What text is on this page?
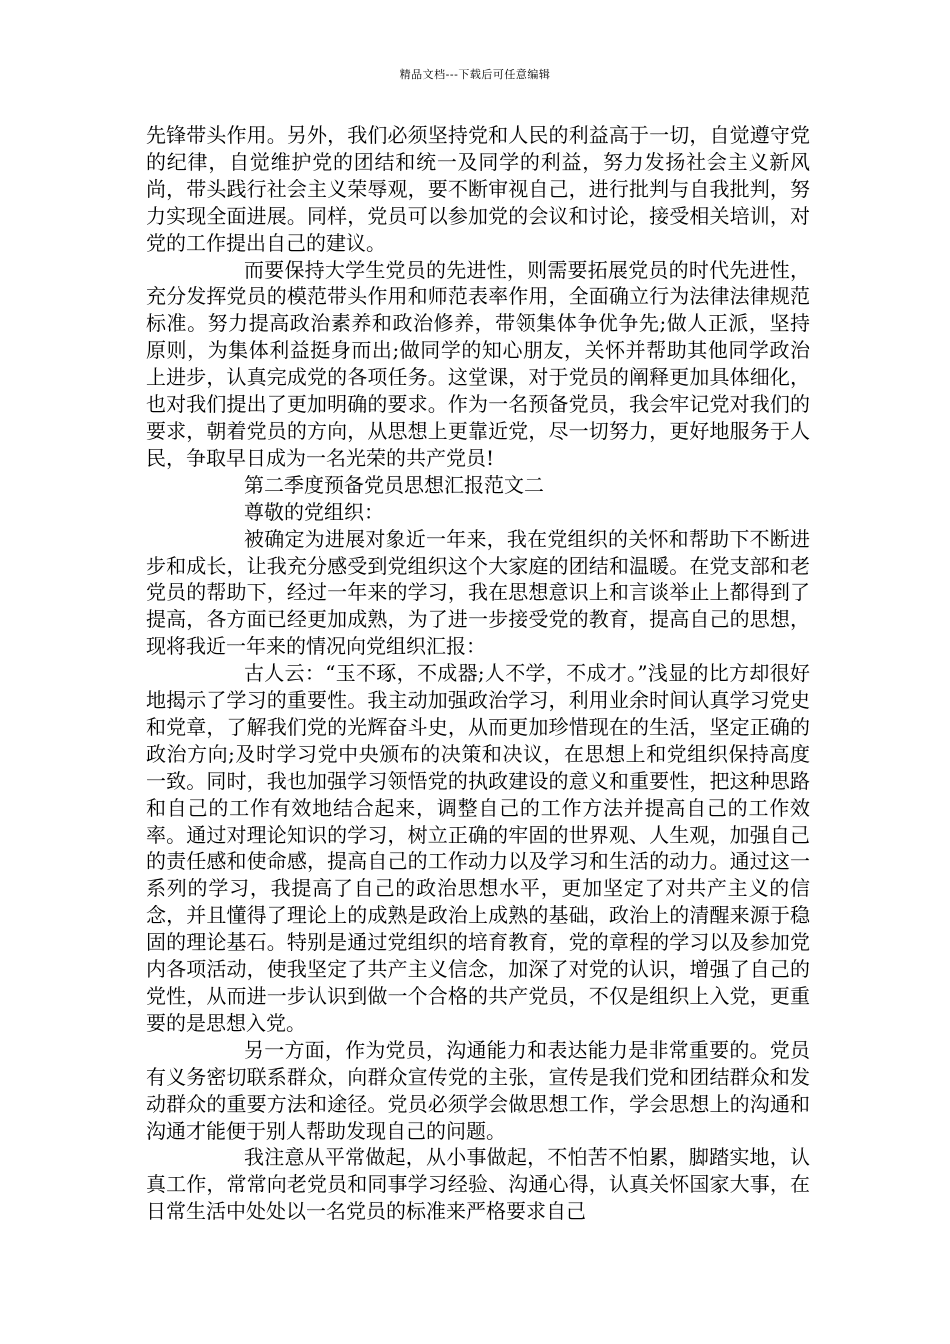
精品文档---下载后可任意编辑

先锋带头作用。另外，我们必须坚持党和人民的利益高于一切，自觉遵守党的纪律，自觉维护党的团结和统一及同学的利益，努力发扬社会主义新风尚，带头践行社会主义荣辱观，要不断审视自己，进行批判与自我批判，努力实现全面进展。同样，党员可以参加党的会议和讨论，接受相关培训，对党的工作提出自己的建议。

而要保持大学生党员的先进性，则需要拓展党员的时代先进性，充分发挥党员的模范带头作用和师范表率作用，全面确立行为法律法律规范标准。努力提高政治素养和政治修养，带领集体争优争先;做人正派，坚持原则，为集体利益挺身而出;做同学的知心朋友，关怀并帮助其他同学政治上进步，认真完成党的各项任务。这堂课，对于党员的阐释更加具体细化，也对我们提出了更加明确的要求。作为一名预备党员，我会牢记党对我们的要求，朝着党员的方向，从思想上更靠近党，尽一切努力，更好地服务于人民，争取早日成为一名光荣的共产党员!

第二季度预备党员思想汇报范文二

尊敬的党组织：

被确定为进展对象近一年来，我在党组织的关怀和帮助下不断进步和成长，让我充分感受到党组织这个大家庭的团结和温暖。在党支部和老党员的帮助下，经过一年来的学习，我在思想意识上和言谈举止上都得到了提高，各方面已经更加成熟，为了进一步接受党的教育，提高自己的思想，现将我近一年来的情况向党组织汇报：

古人云：“玉不琢，不成器;人不学，不成才。”浅显的比方却很好地揭示了学习的重要性。我主动加强政治学习，利用业余时间认真学习党史和党章，了解我们党的光辉奋斗史，从而更加珍惜现在的生活，坚定正确的政治方向;及时学习党中央颁布的决策和决议，在思想上和党组织保持高度一致。同时，我也加强学习领悟党的执政建设的意义和重要性，把这种思路和自己的工作有效地结合起来，调整自己的工作方法并提高自己的工作效率。通过对理论知识的学习，树立正确的牢固的世界观、人生观，加强自己的责任感和使命感，提高自己的工作动力以及学习和生活的动力。通过这一系列的学习，我提高了自己的政治思想水平，更加坚定了对共产主义的信念，并且懂得了理论上的成熟是政治上成熟的基础，政治上的清醒来源于稳固的理论基石。特别是通过党组织的培育教育，党的章程的学习以及参加党内各项活动，使我坚定了共产主义信念，加深了对党的认识，增强了自己的党性，从而进一步认识到做一个合格的共产党员，不仅是组织上入党，更重要的是思想入党。

另一方面，作为党员，沟通能力和表达能力是非常重要的。党员有义务密切联系群众，向群众宣传党的主张，宣传是我们党和团结群众和发动群众的重要方法和途径。党员必须学会做思想工作，学会思想上的沟通和沟通才能便于别人帮助发现自己的问题。

我注意从平常做起，从小事做起，不怕苦不怕累，脚踏实地，认真工作，常常向老党员和同事学习经验、沟通心得，认真关怀国家大事，在日常生活中处处以一名党员的标准来严格要求自己
